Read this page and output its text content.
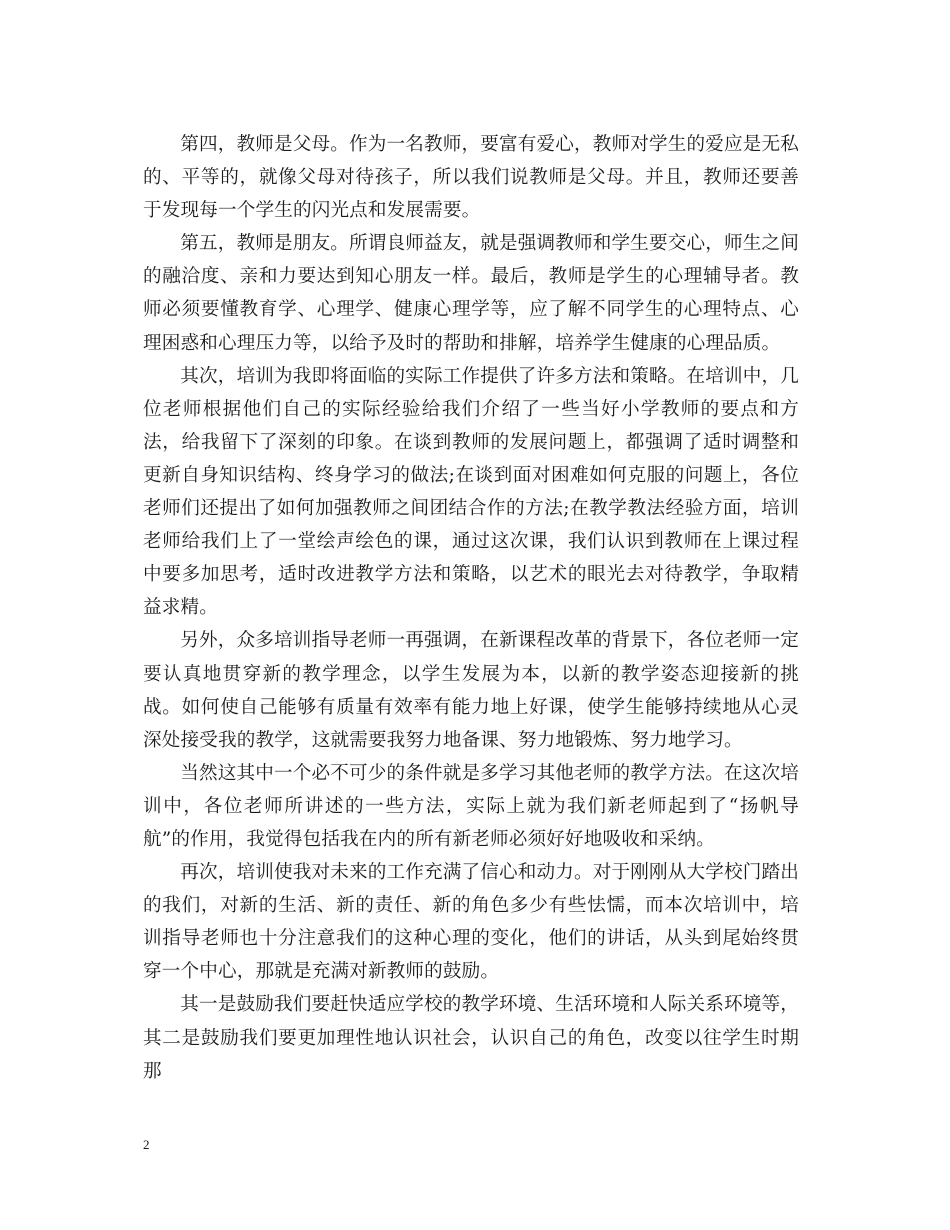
第四，教师是父母。作为一名教师，要富有爱心，教师对学生的爱应是无私的、平等的，就像父母对待孩子，所以我们说教师是父母。并且，教师还要善于发现每一个学生的闪光点和发展需要。

第五，教师是朋友。所谓良师益友，就是强调教师和学生要交心，师生之间的融洽度、亲和力要达到知心朋友一样。最后，教师是学生的心理辅导者。教师必须要懂教育学、心理学、健康心理学等，应了解不同学生的心理特点、心理困惑和心理压力等，以给予及时的帮助和排解，培养学生健康的心理品质。

其次，培训为我即将面临的实际工作提供了许多方法和策略。在培训中，几位老师根据他们自己的实际经验给我们介绍了一些当好小学教师的要点和方法，给我留下了深刻的印象。在谈到教师的发展问题上，都强调了适时调整和更新自身知识结构、终身学习的做法;在谈到面对困难如何克服的问题上，各位老师们还提出了如何加强教师之间团结合作的方法;在教学教法经验方面，培训老师给我们上了一堂绘声绘色的课，通过这次课，我们认识到教师在上课过程中要多加思考，适时改进教学方法和策略，以艺术的眼光去对待教学，争取精益求精。

另外，众多培训指导老师一再强调，在新课程改革的背景下，各位老师一定要认真地贯穿新的教学理念，以学生发展为本，以新的教学姿态迎接新的挑战。如何使自己能够有质量有效率有能力地上好课，使学生能够持续地从心灵深处接受我的教学，这就需要我努力地备课、努力地锻炼、努力地学习。

当然这其中一个必不可少的条件就是多学习其他老师的教学方法。在这次培训中，各位老师所讲述的一些方法，实际上就为我们新老师起到了“扬帆导航”的作用，我觉得包括我在内的所有新老师必须好好地吸收和采纳。

再次，培训使我对未来的工作充满了信心和动力。对于刚刚从大学校门踏出的我们，对新的生活、新的责任、新的角色多少有些怯懦，而本次培训中，培训指导老师也十分注意我们的这种心理的变化，他们的讲话，从头到尾始终贯穿一个中心，那就是充满对新教师的鼓励。

其一是鼓励我们要赶快适应学校的教学环境、生活环境和人际关系环境等，其二是鼓励我们要更加理性地认识社会，认识自己的角色，改变以往学生时期那

2
